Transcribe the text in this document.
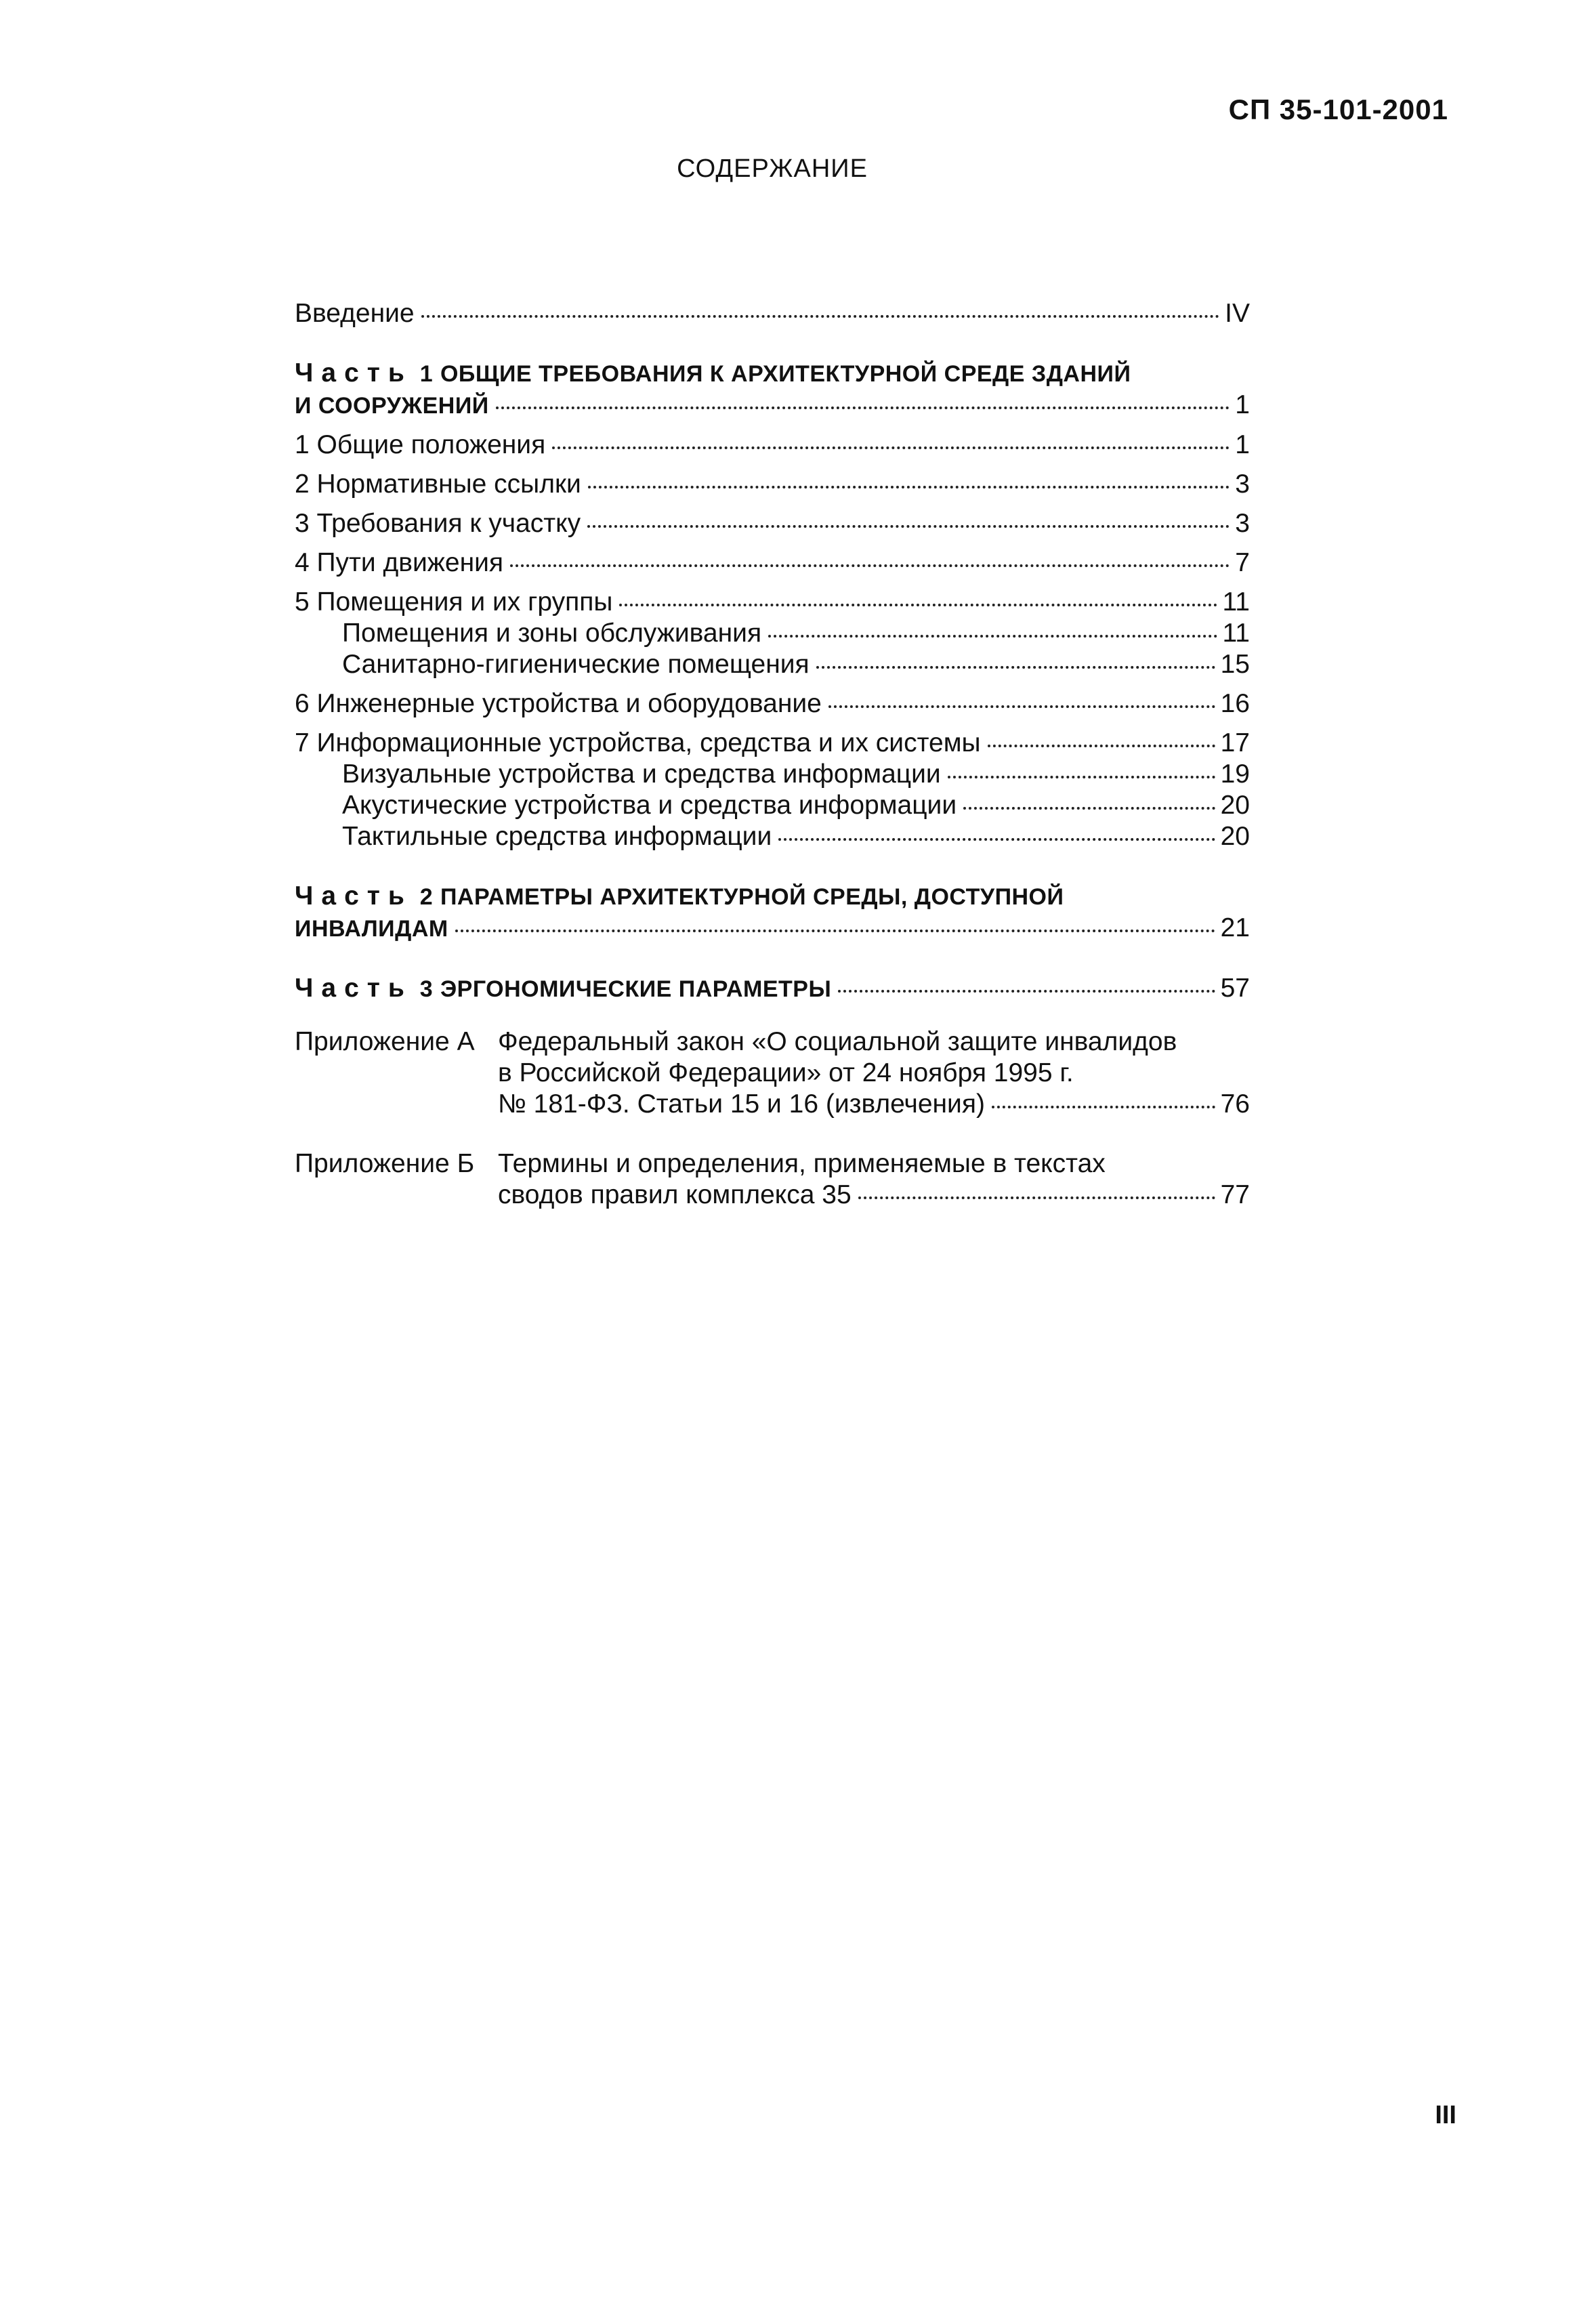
СП 35-101-2001
СОДЕРЖАНИЕ
Введение	IV
Часть 1 ОБЩИЕ ТРЕБОВАНИЯ К АРХИТЕКТУРНОЙ СРЕДЕ ЗДАНИЙ
И СООРУЖЕНИЙ	1
1 Общие положения	1
2 Нормативные ссылки	3
3 Требования к участку	3
4 Пути движения	7
5 Помещения и их группы	11
Помещения и зоны обслуживания	11
Санитарно-гигиенические помещения	15
6 Инженерные устройства и оборудование	16
7 Информационные устройства, средства и их системы	17
Визуальные устройства и средства информации	19
Акустические устройства и средства информации	20
Тактильные средства информации	20
Часть 2 ПАРАМЕТРЫ АРХИТЕКТУРНОЙ СРЕДЫ, ДОСТУПНОЙ
ИНВАЛИДАМ	21
Часть 3 ЭРГОНОМИЧЕСКИЕ ПАРАМЕТРЫ	57
Приложение А Федеральный закон «О социальной защите инвалидов
в Российской Федерации» от 24 ноября 1995 г.
№ 181-ФЗ. Статьи 15 и 16 (извлечения)	76
Приложение Б Термины и определения, применяемые в текстах
сводов правил комплекса 35	77
III
